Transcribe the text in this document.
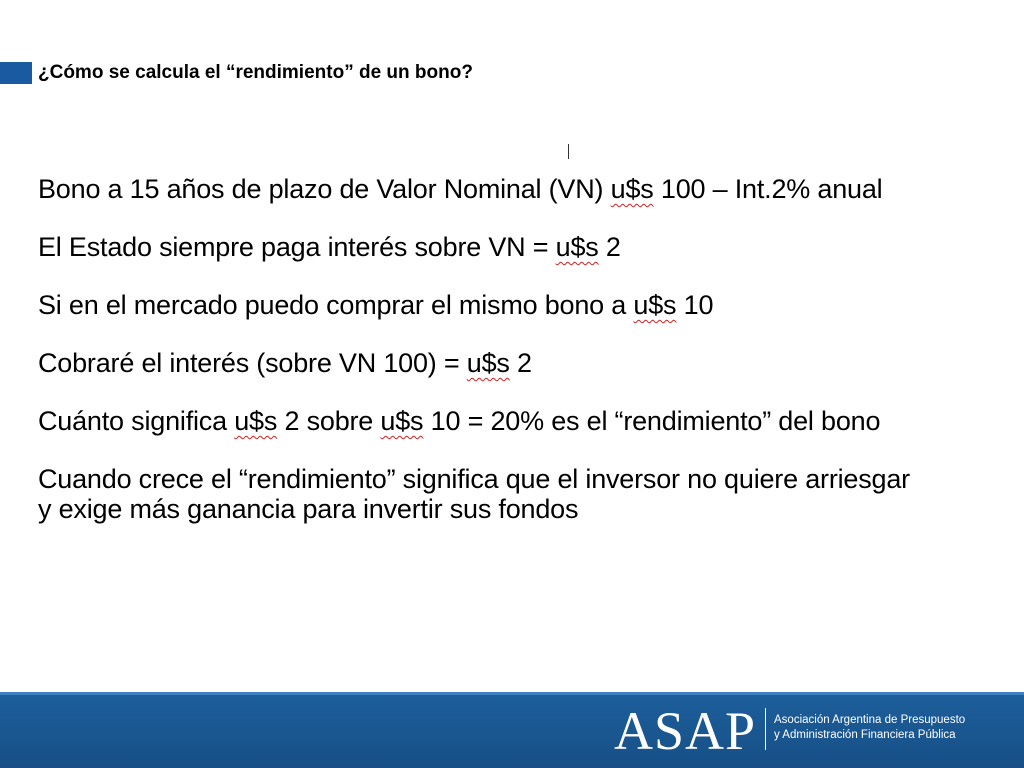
¿Cómo se calcula el “rendimiento” de un bono?

Bono a 15 años de plazo de Valor Nominal (VN) u$s 100 – Int.2% anual

El Estado siempre paga interés sobre VN = u$s 2

Si en el mercado puedo comprar el mismo bono a u$s 10

Cobraré el interés (sobre VN 100) = u$s 2

Cuánto significa u$s 2 sobre u$s 10 = 20% es el “rendimiento” del bono

Cuando crece el “rendimiento” significa que el inversor no quiere arriesgar y exige más ganancia para invertir sus fondos

ASAP Asociación Argentina de Presupuesto
y Administración Financiera Pública
